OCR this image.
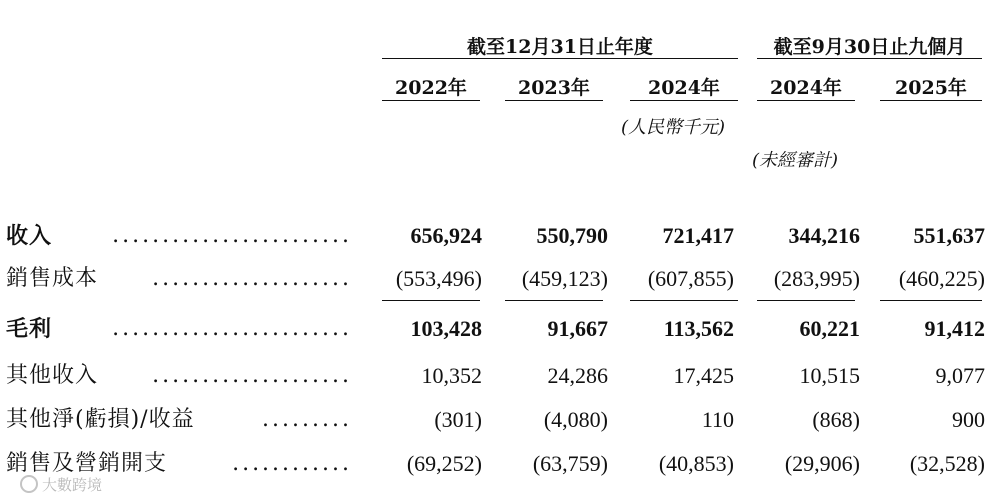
截至12月31日止年度	截至9月30日止九個月
2022年	2023年	2024年	2024年	2025年
(人民幣千元)
(未經審計)
收入	........................	656,924	550,790	721,417	344,216	551,637
銷售成本 ....................	(553,496)	(459,123)	(607,855)	(283,995)	(460,225)
毛利	........................	103,428	91,667	113,562	60,221	91,412
其他收入 ....................	10,352	24,286	17,425	10,515	9,077
其他淨(虧損)/收益	.........	(301)	(4,080)	110	(868)	900
銷售及營銷開支	............	(69,252)	(63,759)	(40,853)	(29,906)	(32,528)
大數跨境
